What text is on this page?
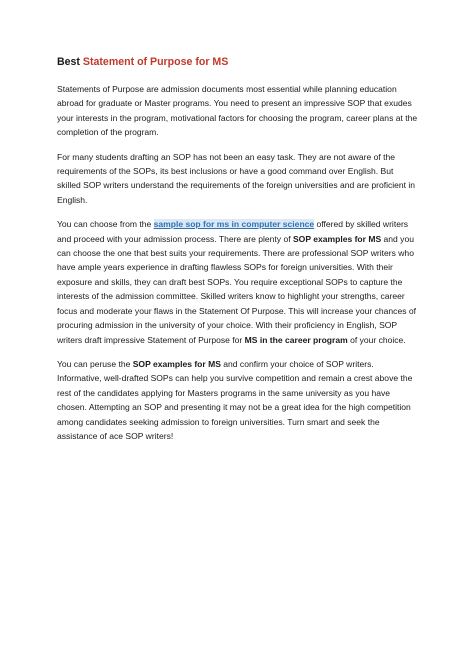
Best Statement of Purpose for MS

Statements of Purpose are admission documents most essential while planning education abroad for graduate or Master programs. You need to present an impressive SOP that exudes your interests in the program, motivational factors for choosing the program, career plans at the completion of the program.

For many students drafting an SOP has not been an easy task. They are not aware of the requirements of the SOPs, its best inclusions or have a good command over English. But skilled SOP writers understand the requirements of the foreign universities and are proficient in English.

You can choose from the sample sop for ms in computer science offered by skilled writers and proceed with your admission process. There are plenty of SOP examples for MS and you can choose the one that best suits your requirements. There are professional SOP writers who have ample years experience in drafting flawless SOPs for foreign universities. With their exposure and skills, they can draft best SOPs. You require exceptional SOPs to capture the interests of the admission committee. Skilled writers know to highlight your strengths, career focus and moderate your flaws in the Statement Of Purpose. This will increase your chances of procuring admission in the university of your choice. With their proficiency in English, SOP writers draft impressive Statement of Purpose for MS in the career program of your choice.

You can peruse the SOP examples for MS and confirm your choice of SOP writers. Informative, well-drafted SOPs can help you survive competition and remain a crest above the rest of the candidates applying for Masters programs in the same university as you have chosen. Attempting an SOP and presenting it may not be a great idea for the high competition among candidates seeking admission to foreign universities. Turn smart and seek the assistance of ace SOP writers!
